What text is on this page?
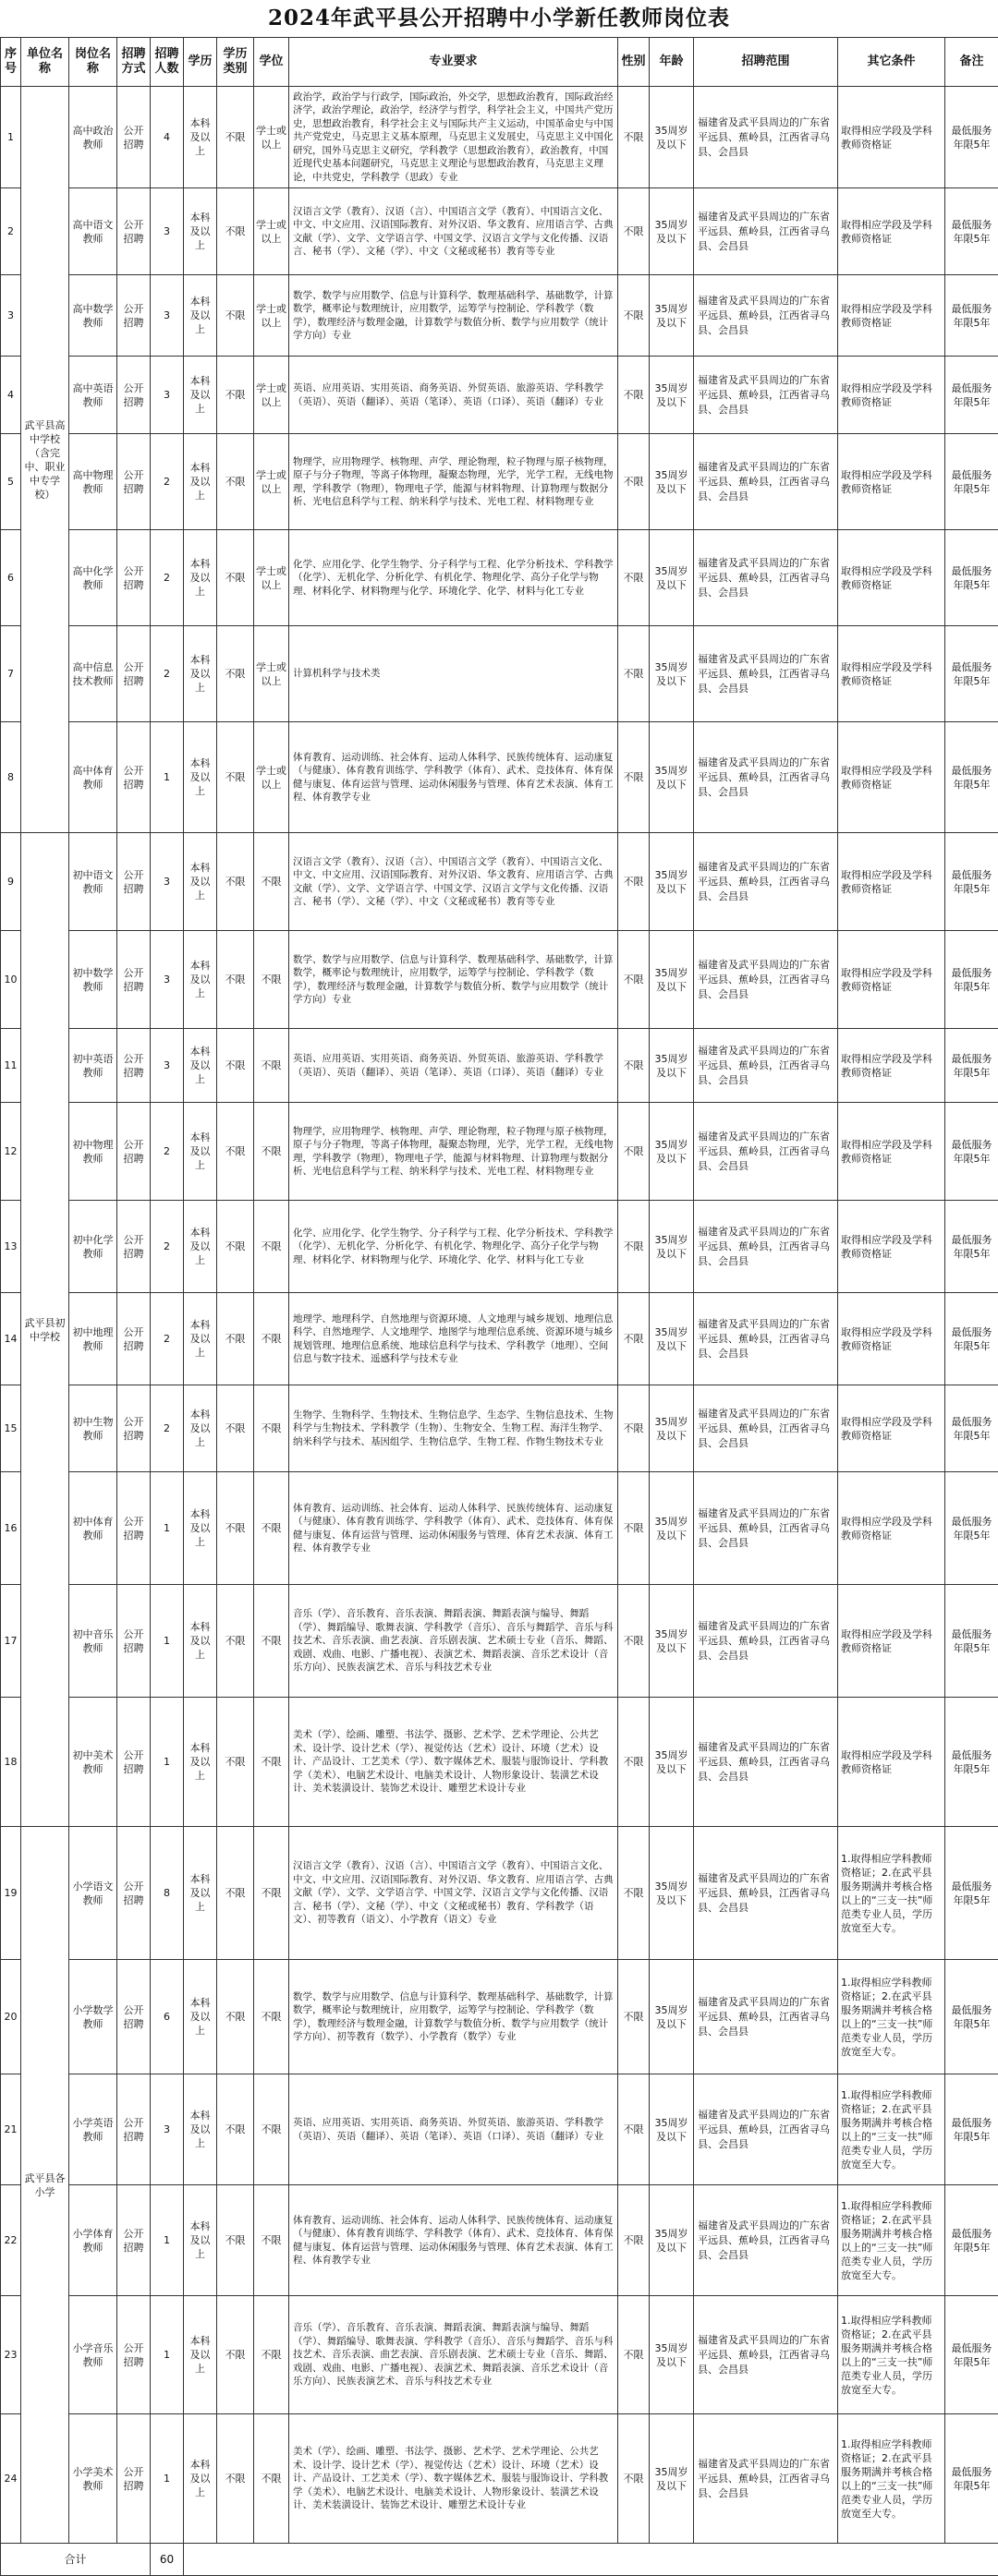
2024年武平县公开招聘中小学新任教师岗位表
序号	单位名称	岗位名称	招聘方式	招聘人数	学历	学历类别	学位	专业要求	性别	年龄	招聘范围	其它条件	备注
1	武平县高中学校（含完中、职业中专学校）	高中政治教师	公开招聘	4	本科及以上	不限	学士或以上	政治学，政治学与行政学，国际政治，外交学，思想政治教育，国际政治经济学，政治学理论，政治学，经济学与哲学，科学社会主义，中国共产党历史，思想政治教育，科学社会主义与国际共产主义运动，中国革命史与中国共产党党史，马克思主义基本原理，马克思主义发展史，马克思主义中国化研究，国外马克思主义研究，学科教学（思想政治教育），政治教育，中国近现代史基本问题研究，马克思主义理论与思想政治教育，马克思主义理论，中共党史，学科教学（思政）专业	不限	35周岁及以下	福建省及武平县周边的广东省平远县、蕉岭县，江西省寻乌县、会昌县	取得相应学段及学科教师资格证	最低服务年限5年
2		高中语文教师	公开招聘	3	本科及以上	不限	学士或以上	汉语言文学（教育）、汉语（言）、中国语言文学（教育）、中国语言文化、中文、中文应用、汉语国际教育、对外汉语、华文教育、应用语言学、古典文献（学）、文学、文学语言学、中国文学、汉语言文学与文化传播、汉语言、秘书（学）、文秘（学）、中文（文秘或秘书）教育等专业	不限	35周岁及以下	福建省及武平县周边的广东省平远县、蕉岭县，江西省寻乌县、会昌县	取得相应学段及学科教师资格证	最低服务年限5年
3		高中数学教师	公开招聘	3	本科及以上	不限	学士或以上	数学、数学与应用数学、信息与计算科学、数理基础科学、基础数学，计算数学，概率论与数理统计，应用数学，运筹学与控制论、学科教学（数学），数理经济与数理金融，计算数学与数值分析、数学与应用数学（统计学方向）专业	不限	35周岁及以下	福建省及武平县周边的广东省平远县、蕉岭县，江西省寻乌县、会昌县	取得相应学段及学科教师资格证	最低服务年限5年
4		高中英语教师	公开招聘	3	本科及以上	不限	学士或以上	英语、应用英语、实用英语、商务英语、外贸英语、旅游英语、学科教学（英语）、英语（翻译）、英语（笔译）、英语（口译）、英语（翻译）专业	不限	35周岁及以下	福建省及武平县周边的广东省平远县、蕉岭县，江西省寻乌县、会昌县	取得相应学段及学科教师资格证	最低服务年限5年
5		高中物理教师	公开招聘	2	本科及以上	不限	学士或以上	物理学，应用物理学、核物理、声学、理论物理，粒子物理与原子核物理，原子与分子物理，等离子体物理，凝聚态物理，光学，光学工程，无线电物理，学科教学（物理），物理电子学，能源与材料物理、计算物理与数据分析、光电信息科学与工程、纳米科学与技术、光电工程、材料物理专业	不限	35周岁及以下	福建省及武平县周边的广东省平远县、蕉岭县，江西省寻乌县、会昌县	取得相应学段及学科教师资格证	最低服务年限5年
6		高中化学教师	公开招聘	2	本科及以上	不限	学士或以上	化学、应用化学、化学生物学、分子科学与工程、化学分析技术、学科教学（化学）、无机化学、分析化学、有机化学、物理化学、高分子化学与物理、材料化学、材料物理与化学、环境化学、化学、材料与化工专业	不限	35周岁及以下	福建省及武平县周边的广东省平远县、蕉岭县，江西省寻乌县、会昌县	取得相应学段及学科教师资格证	最低服务年限5年
7		高中信息技术教师	公开招聘	2	本科及以上	不限	学士或以上	计算机科学与技术类	不限	35周岁及以下	福建省及武平县周边的广东省平远县、蕉岭县，江西省寻乌县、会昌县	取得相应学段及学科教师资格证	最低服务年限5年
8		高中体育教师	公开招聘	1	本科及以上	不限	学士或以上	体育教育、运动训练、社会体育、运动人体科学、民族传统体育、运动康复（与健康）、体育教育训练学、学科教学（体育）、武术、竞技体育、体育保健与康复、体育运营与管理、运动休闲服务与管理、体育艺术表演、体育工程、体育教学专业	不限	35周岁及以下	福建省及武平县周边的广东省平远县、蕉岭县，江西省寻乌县、会昌县	取得相应学段及学科教师资格证	最低服务年限5年
9	武平县初中学校	初中语文教师	公开招聘	3	本科及以上	不限	不限	汉语言文学（教育）、汉语（言）、中国语言文学（教育）、中国语言文化、中文、中文应用、汉语国际教育、对外汉语、华文教育、应用语言学、古典文献（学）、文学、文学语言学、中国文学、汉语言文学与文化传播、汉语言、秘书（学）、文秘（学）、中文（文秘或秘书）教育等专业	不限	35周岁及以下	福建省及武平县周边的广东省平远县、蕉岭县，江西省寻乌县、会昌县	取得相应学段及学科教师资格证	最低服务年限5年
10		初中数学教师	公开招聘	3	本科及以上	不限	不限	数学、数学与应用数学、信息与计算科学、数理基础科学、基础数学，计算数学，概率论与数理统计，应用数学，运筹学与控制论、学科教学（数学），数理经济与数理金融，计算数学与数值分析、数学与应用数学（统计学方向）专业	不限	35周岁及以下	福建省及武平县周边的广东省平远县、蕉岭县，江西省寻乌县、会昌县	取得相应学段及学科教师资格证	最低服务年限5年
11		初中英语教师	公开招聘	3	本科及以上	不限	不限	英语、应用英语、实用英语、商务英语、外贸英语、旅游英语、学科教学（英语）、英语（翻译）、英语（笔译）、英语（口译）、英语（翻译）专业	不限	35周岁及以下	福建省及武平县周边的广东省平远县、蕉岭县，江西省寻乌县、会昌县	取得相应学段及学科教师资格证	最低服务年限5年
12		初中物理教师	公开招聘	2	本科及以上	不限	不限	物理学，应用物理学、核物理、声学、理论物理，粒子物理与原子核物理，原子与分子物理，等离子体物理，凝聚态物理，光学，光学工程，无线电物理，学科教学（物理），物理电子学，能源与材料物理、计算物理与数据分析、光电信息科学与工程、纳米科学与技术、光电工程、材料物理专业	不限	35周岁及以下	福建省及武平县周边的广东省平远县、蕉岭县，江西省寻乌县、会昌县	取得相应学段及学科教师资格证	最低服务年限5年
13		初中化学教师	公开招聘	2	本科及以上	不限	不限	化学、应用化学、化学生物学、分子科学与工程、化学分析技术、学科教学（化学）、无机化学、分析化学、有机化学、物理化学、高分子化学与物理、材料化学、材料物理与化学、环境化学、化学、材料与化工专业	不限	35周岁及以下	福建省及武平县周边的广东省平远县、蕉岭县，江西省寻乌县、会昌县	取得相应学段及学科教师资格证	最低服务年限5年
14		初中地理教师	公开招聘	2	本科及以上	不限	不限	地理学、地理科学、自然地理与资源环境、人文地理与城乡规划、地理信息科学、自然地理学、人文地理学、地图学与地理信息系统、资源环境与城乡规划管理、地理信息系统、地球信息科学与技术、学科教学（地理）、空间信息与数字技术、遥感科学与技术专业	不限	35周岁及以下	福建省及武平县周边的广东省平远县、蕉岭县，江西省寻乌县、会昌县	取得相应学段及学科教师资格证	最低服务年限5年
15		初中生物教师	公开招聘	2	本科及以上	不限	不限	生物学、生物科学、生物技术、生物信息学、生态学、生物信息技术、生物科学与生物技术、学科教学（生物）、生物安全、生物工程、海洋生物学、纳米科学与技术、基因组学、生物信息学、生物工程、作物生物技术专业	不限	35周岁及以下	福建省及武平县周边的广东省平远县、蕉岭县，江西省寻乌县、会昌县	取得相应学段及学科教师资格证	最低服务年限5年
16		初中体育教师	公开招聘	1	本科及以上	不限	不限	体育教育、运动训练、社会体育、运动人体科学、民族传统体育、运动康复（与健康）、体育教育训练学、学科教学（体育）、武术、竞技体育、体育保健与康复、体育运营与管理、运动休闲服务与管理、体育艺术表演、体育工程、体育教学专业	不限	35周岁及以下	福建省及武平县周边的广东省平远县、蕉岭县，江西省寻乌县、会昌县	取得相应学段及学科教师资格证	最低服务年限5年
17		初中音乐教师	公开招聘	1	本科及以上	不限	不限	音乐（学）、音乐教育、音乐表演、舞蹈表演、舞蹈表演与编导、舞蹈（学）、舞蹈编导、歌舞表演、学科教学（音乐）、音乐与舞蹈学、音乐与科技艺术、音乐表演、曲艺表演、音乐剧表演、艺术硕士专业（音乐、舞蹈、戏剧、戏曲、电影、广播电视）、表演艺术、舞蹈表演、音乐艺术设计（音乐方向）、民族表演艺术、音乐与科技艺术专业	不限	35周岁及以下	福建省及武平县周边的广东省平远县、蕉岭县，江西省寻乌县、会昌县	取得相应学段及学科教师资格证	最低服务年限5年
18		初中美术教师	公开招聘	1	本科及以上	不限	不限	美术（学）、绘画、雕塑、书法学、摄影、艺术学、艺术学理论、公共艺术、设计学、设计艺术（学）、视觉传达（艺术）设计、环境（艺术）设计、产品设计、工艺美术（学）、数字媒体艺术、服装与服饰设计、学科教学（美术）、电脑艺术设计、电脑美术设计、人物形象设计、装潢艺术设计、美术装潢设计、装饰艺术设计、雕塑艺术设计专业	不限	35周岁及以下	福建省及武平县周边的广东省平远县、蕉岭县，江西省寻乌县、会昌县	取得相应学段及学科教师资格证	最低服务年限5年
19	武平县各小学	小学语文教师	公开招聘	8	本科及以上	不限	不限	汉语言文学（教育）、汉语（言）、中国语言文学（教育）、中国语言文化、中文、中文应用、汉语国际教育、对外汉语、华文教育、应用语言学、古典文献（学）、文学、文学语言学、中国文学、汉语言文学与文化传播、汉语言、秘书（学）、文秘（学）、中文（文秘或秘书）教育、学科教学（语文）、初等教育（语文）、小学教育（语文）专业	不限	35周岁及以下	福建省及武平县周边的广东省平远县、蕉岭县，江西省寻乌县、会昌县	1.取得相应学科教师资格证；2.在武平县服务期满并考核合格以上的“三支一扶”师范类专业人员，学历放宽至大专。	最低服务年限5年
20		小学数学教师	公开招聘	6	本科及以上	不限	不限	数学、数学与应用数学、信息与计算科学、数理基础科学、基础数学，计算数学，概率论与数理统计，应用数学，运筹学与控制论、学科教学（数学），数理经济与数理金融，计算数学与数值分析、数学与应用数学（统计学方向）、初等教育（数学）、小学教育（数学）专业	不限	35周岁及以下	福建省及武平县周边的广东省平远县、蕉岭县，江西省寻乌县、会昌县	1.取得相应学科教师资格证；2.在武平县服务期满并考核合格以上的“三支一扶”师范类专业人员，学历放宽至大专。	最低服务年限5年
21		小学英语教师	公开招聘	3	本科及以上	不限	不限	英语、应用英语、实用英语、商务英语、外贸英语、旅游英语、学科教学（英语）、英语（翻译）、英语（笔译）、英语（口译）、英语（翻译）专业	不限	35周岁及以下	福建省及武平县周边的广东省平远县、蕉岭县，江西省寻乌县、会昌县	1.取得相应学科教师资格证；2.在武平县服务期满并考核合格以上的“三支一扶”师范类专业人员，学历放宽至大专。	最低服务年限5年
22		小学体育教师	公开招聘	1	本科及以上	不限	不限	体育教育、运动训练、社会体育、运动人体科学、民族传统体育、运动康复（与健康）、体育教育训练学、学科教学（体育）、武术、竞技体育、体育保健与康复、体育运营与管理、运动休闲服务与管理、体育艺术表演、体育工程、体育教学专业	不限	35周岁及以下	福建省及武平县周边的广东省平远县、蕉岭县，江西省寻乌县、会昌县	1.取得相应学科教师资格证；2.在武平县服务期满并考核合格以上的“三支一扶”师范类专业人员，学历放宽至大专。	最低服务年限5年
23		小学音乐教师	公开招聘	1	本科及以上	不限	不限	音乐（学）、音乐教育、音乐表演、舞蹈表演、舞蹈表演与编导、舞蹈（学）、舞蹈编导、歌舞表演、学科教学（音乐）、音乐与舞蹈学、音乐与科技艺术、音乐表演、曲艺表演、音乐剧表演、艺术硕士专业（音乐、舞蹈、戏剧、戏曲、电影、广播电视）、表演艺术、舞蹈表演、音乐艺术设计（音乐方向）、民族表演艺术、音乐与科技艺术专业	不限	35周岁及以下	福建省及武平县周边的广东省平远县、蕉岭县，江西省寻乌县、会昌县	1.取得相应学科教师资格证；2.在武平县服务期满并考核合格以上的“三支一扶”师范类专业人员，学历放宽至大专。	最低服务年限5年
24		小学美术教师	公开招聘	1	本科及以上	不限	不限	美术（学）、绘画、雕塑、书法学、摄影、艺术学、艺术学理论、公共艺术、设计学、设计艺术（学）、视觉传达（艺术）设计、环境（艺术）设计、产品设计、工艺美术（学）、数字媒体艺术、服装与服饰设计、学科教学（美术）、电脑艺术设计、电脑美术设计、人物形象设计、装潢艺术设计、美术装潢设计、装饰艺术设计、雕塑艺术设计专业	不限	35周岁及以下	福建省及武平县周边的广东省平远县、蕉岭县，江西省寻乌县、会昌县	1.取得相应学科教师资格证；2.在武平县服务期满并考核合格以上的“三支一扶”师范类专业人员，学历放宽至大专。	最低服务年限5年
合计				60									
